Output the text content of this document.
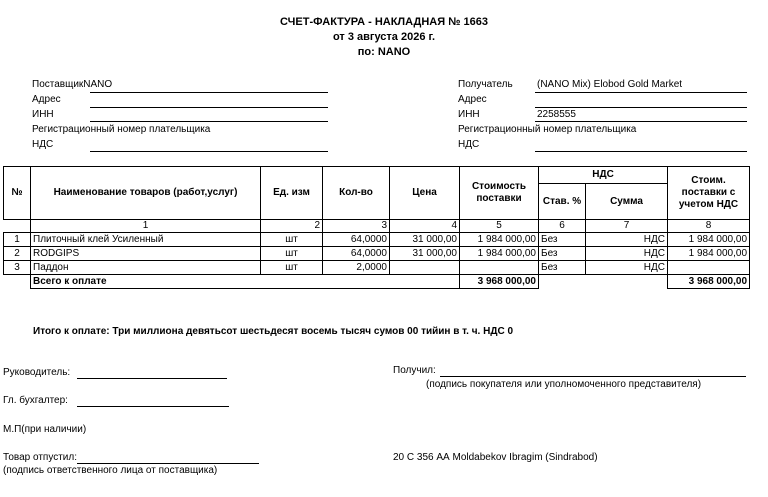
СЧЕТ-ФАКТУРА - НАКЛАДНАЯ № 1663
от 3 августа 2026 г.
по: NANO
ПоставщикNANO
Адрес
ИНН
Регистрационный номер плательщика
НДС
Получатель (NANO Mix) Elobod Gold Market
Адрес
ИНН	2258555
Регистрационный номер плательщика
НДС
№	Наименование товаров (работ,услуг)	Ед. изм	Кол-во	Цена	Стоимость поставки	НДС		Стоим. поставки с учетом НДС
						Став. %	Сумма	
	1	2	3	4	5	6	7	8
1	Плиточный клей Усиленный	шт	64,0000	31 000,00	1 984 000,00	Без	НДС	1 984 000,00
2	RODGIPS	шт	64,0000	31 000,00	1 984 000,00	Без	НДС	1 984 000,00
3	Паддон	шт	2,0000			Без	НДС	
	Всего к оплате				3 968 000,00			3 968 000,00
Итого к оплате: Три миллиона девятьсот шестьдесят восемь тысяч сумов 00 тийин в т. ч. НДС 0
Руководитель:
Гл. бухгалтер:
М.П(при наличии)
Товар отпустил:
(подпись ответственного лица от поставщика)
Получил:
(подпись покупателя или уполномоченного представителя)
20 С 356 АА Moldabekov Ibragim (Sindrabod)
